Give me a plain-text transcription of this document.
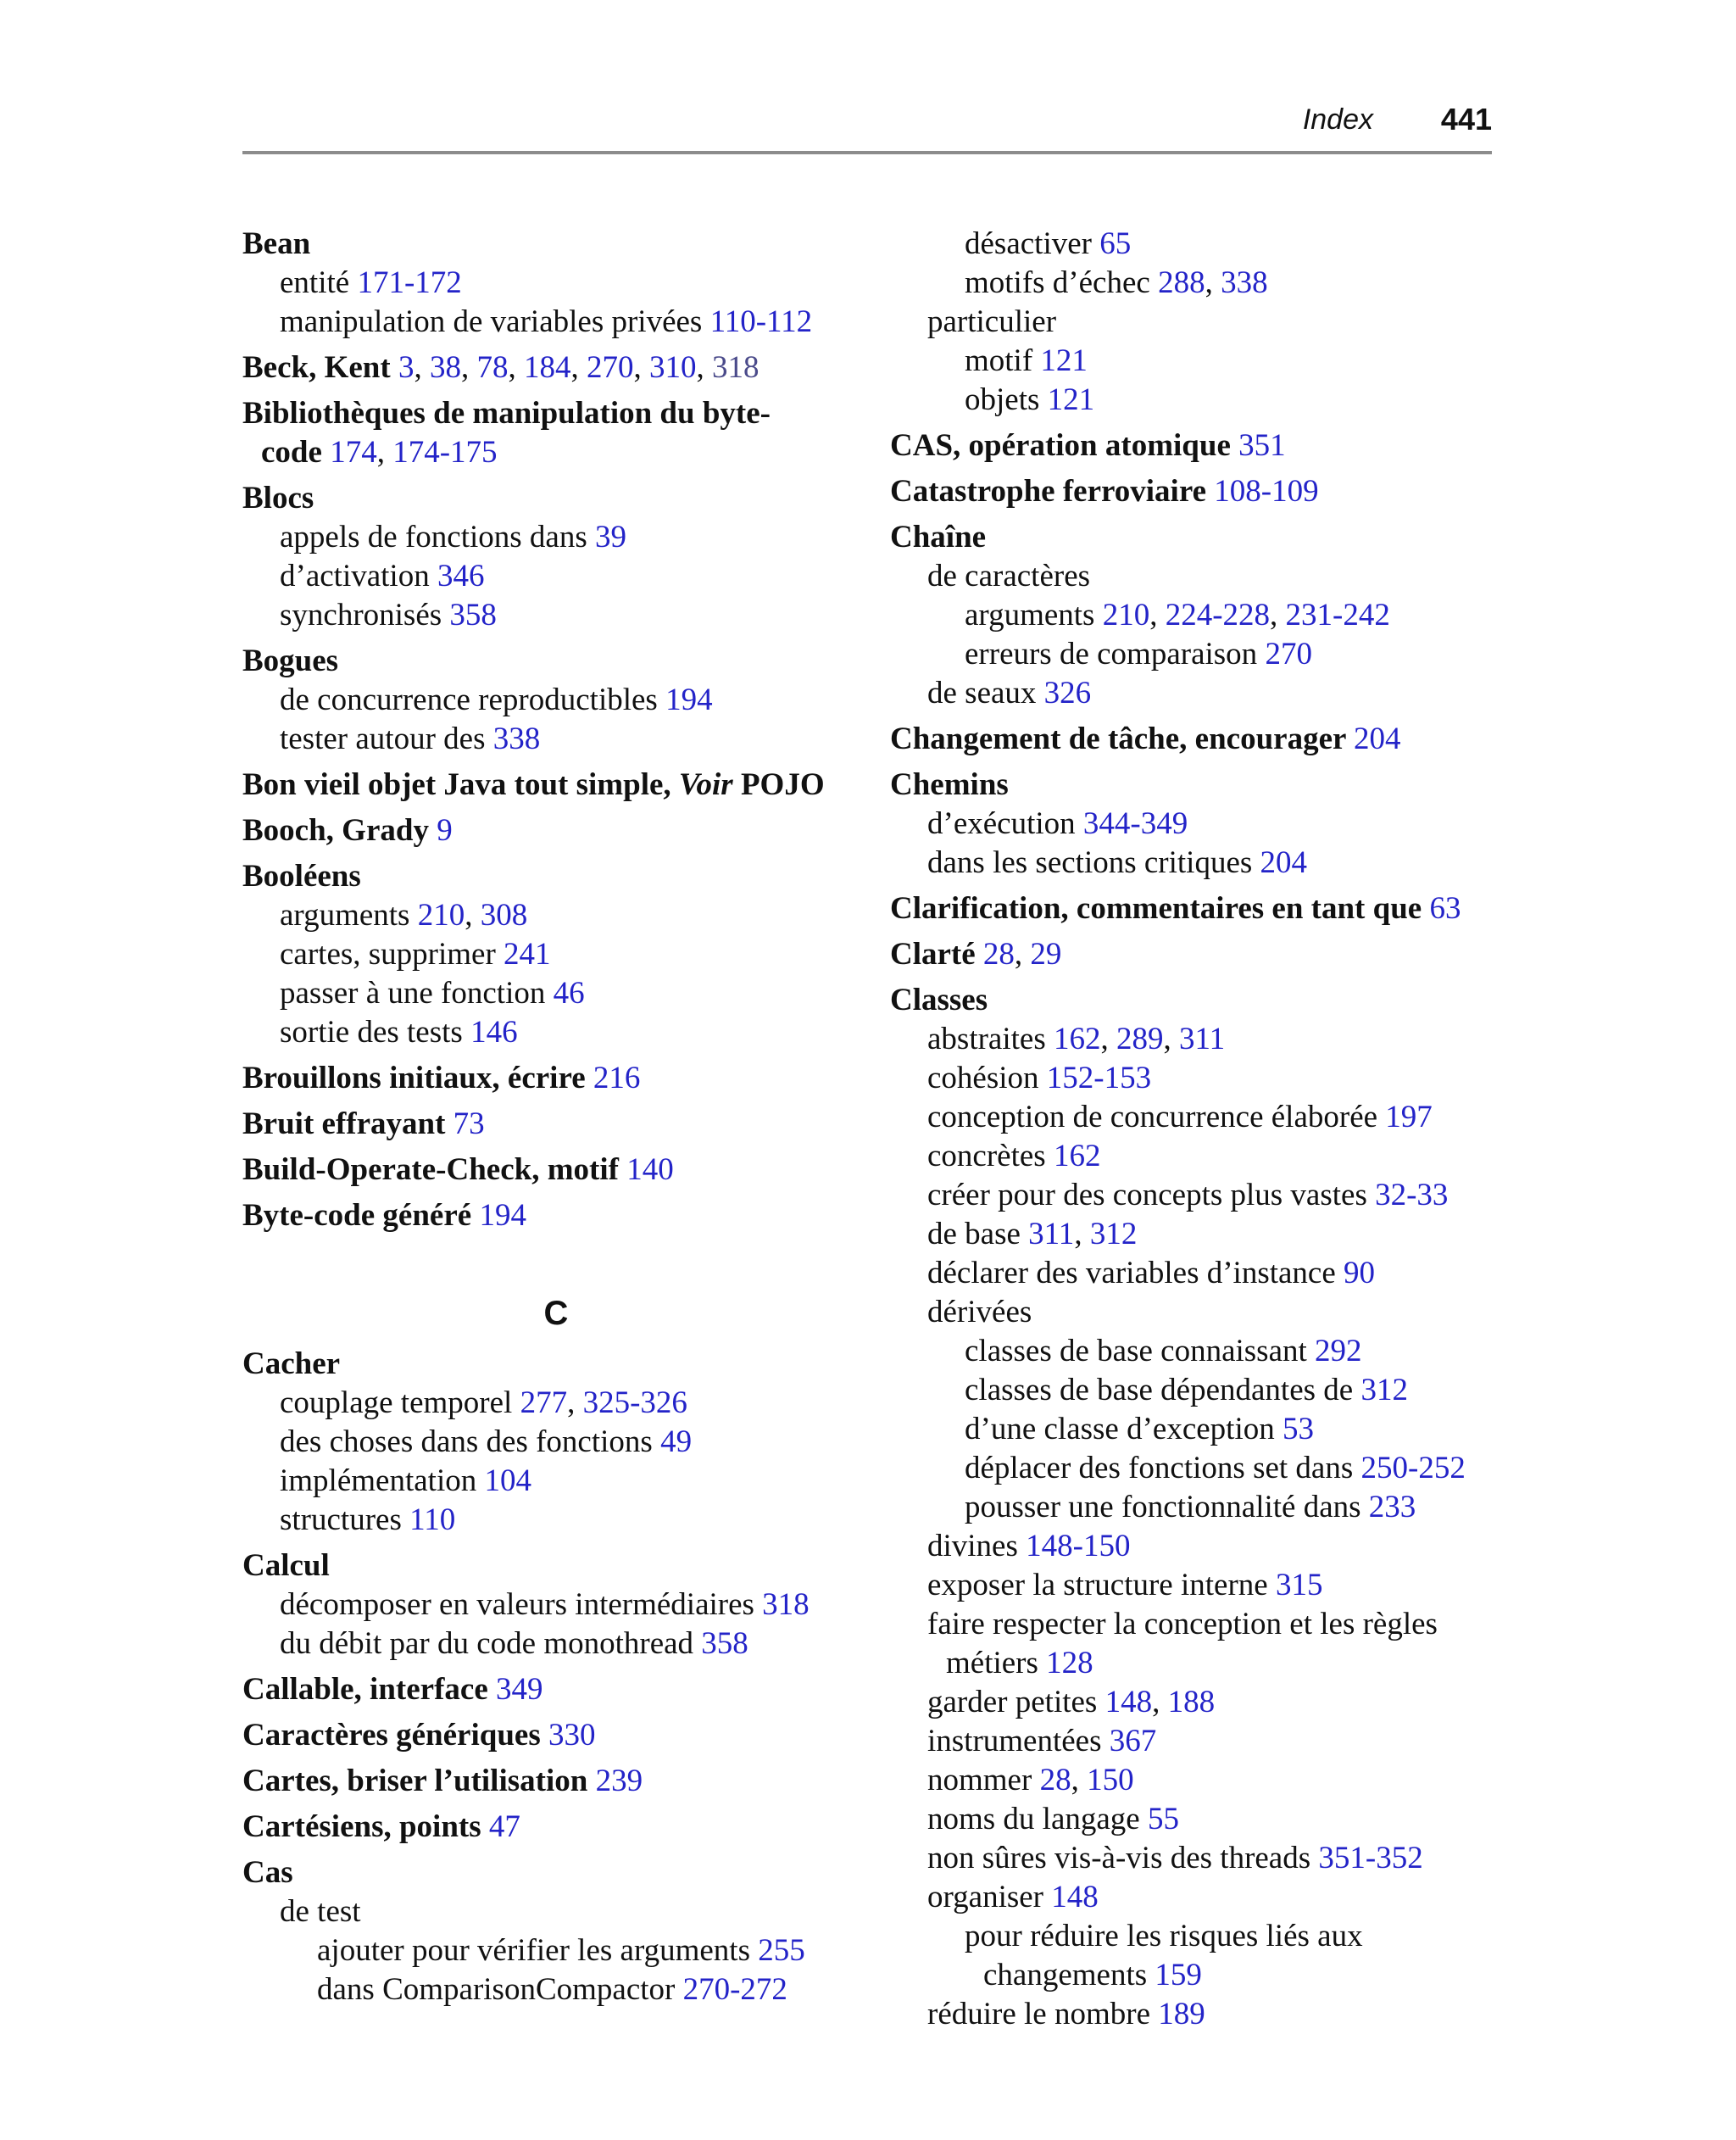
Index 441
Bean
entité 171-172
manipulation de variables privées 110-112
Beck, Kent 3, 38, 78, 184, 270, 310, 318
Bibliothèques de manipulation du byte-
code 174, 174-175
Blocs
appels de fonctions dans 39
d’activation 346
synchronisés 358
Bogues
de concurrence reproductibles 194
tester autour des 338
Bon vieil objet Java tout simple, Voir POJO
Booch, Grady 9
Booléens
arguments 210, 308
cartes, supprimer 241
passer à une fonction 46
sortie des tests 146
Brouillons initiaux, écrire 216
Bruit effrayant 73
Build-Operate-Check, motif 140
Byte-code généré 194
C
Cacher
couplage temporel 277, 325-326
des choses dans des fonctions 49
implémentation 104
structures 110
Calcul
décomposer en valeurs intermédiaires 318
du débit par du code monothread 358
Callable, interface 349
Caractères génériques 330
Cartes, briser l’utilisation 239
Cartésiens, points 47
Cas
de test
ajouter pour vérifier les arguments 255
dans ComparisonCompactor 270-272
désactiver 65
motifs d’échec 288, 338
particulier
motif 121
objets 121
CAS, opération atomique 351
Catastrophe ferroviaire 108-109
Chaîne
de caractères
arguments 210, 224-228, 231-242
erreurs de comparaison 270
de seaux 326
Changement de tâche, encourager 204
Chemins
d’exécution 344-349
dans les sections critiques 204
Clarification, commentaires en tant que 63
Clarté 28, 29
Classes
abstraites 162, 289, 311
cohésion 152-153
conception de concurrence élaborée 197
concrètes 162
créer pour des concepts plus vastes 32-33
de base 311, 312
déclarer des variables d’instance 90
dérivées
classes de base connaissant 292
classes de base dépendantes de 312
d’une classe d’exception 53
déplacer des fonctions set dans 250-252
pousser une fonctionnalité dans 233
divines 148-150
exposer la structure interne 315
faire respecter la conception et les règles
métiers 128
garder petites 148, 188
instrumentées 367
nommer 28, 150
noms du langage 55
non sûres vis-à-vis des threads 351-352
organiser 148
pour réduire les risques liés aux
changements 159
réduire le nombre 189
